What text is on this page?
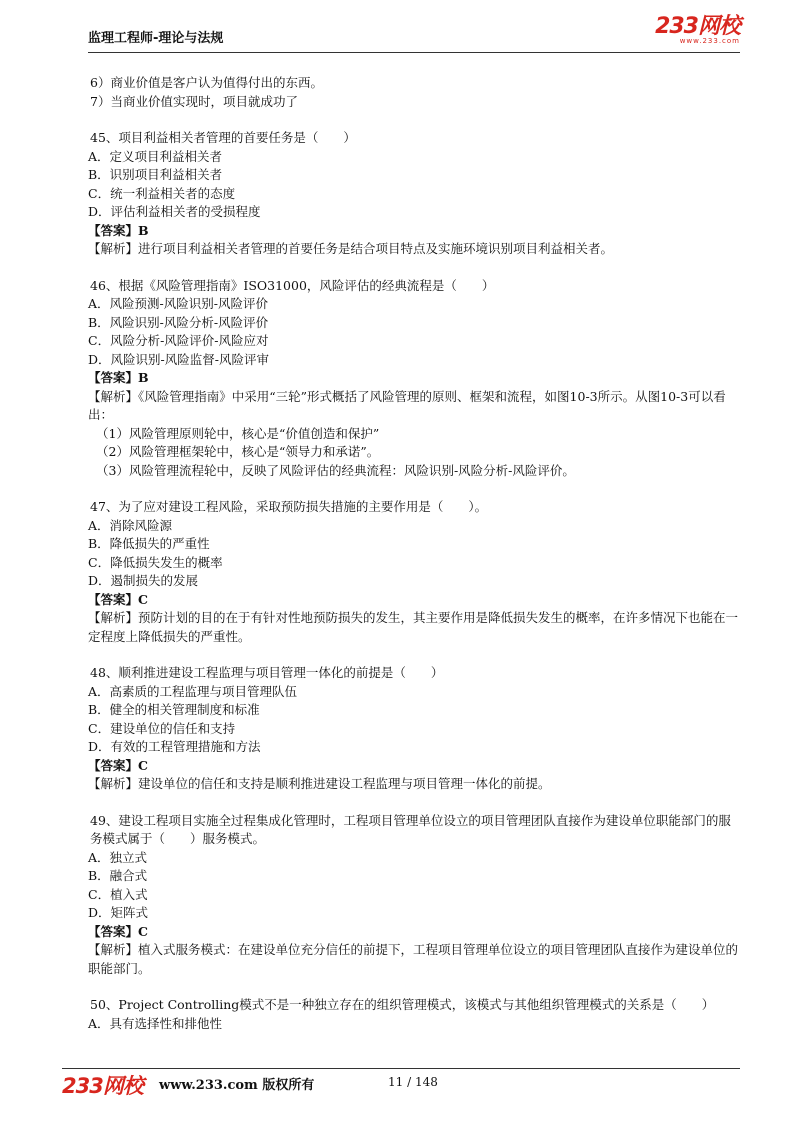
监理工程师-理论与法规	233网校
www.233.com
6）商业价值是客户认为值得付出的东西。
7）当商业价值实现时，项目就成功了
45、项目利益相关者管理的首要任务是（　　）
A．定义项目利益相关者
B．识别项目利益相关者
C．统一利益相关者的态度
D．评估利益相关者的受损程度
【答案】B
【解析】进行项目利益相关者管理的首要任务是结合项目特点及实施环境识别项目利益相关者。
46、根据《风险管理指南》ISO31000，风险评估的经典流程是（　　）
A．风险预测-风险识别-风险评价
B．风险识别-风险分析-风险评价
C．风险分析-风险评价-风险应对
D．风险识别-风险监督-风险评审
【答案】B
【解析】《风险管理指南》中采用“三轮”形式概括了风险管理的原则、框架和流程，如图10-3所示。从图10-3可以看出：
（1）风险管理原则轮中，核心是“价值创造和保护”
（2）风险管理框架轮中，核心是“领导力和承诺”。
（3）风险管理流程轮中，反映了风险评估的经典流程：风险识别-风险分析-风险评价。
47、为了应对建设工程风险，采取预防损失措施的主要作用是（　　）。
A．消除风险源
B．降低损失的严重性
C．降低损失发生的概率
D．遏制损失的发展
【答案】C
【解析】预防计划的目的在于有针对性地预防损失的发生，其主要作用是降低损失发生的概率，在许多情况下也能在一定程度上降低损失的严重性。
48、顺利推进建设工程监理与项目管理一体化的前提是（　　）
A．高素质的工程监理与项目管理队伍
B．健全的相关管理制度和标准
C．建设单位的信任和支持
D．有效的工程管理措施和方法
【答案】C
【解析】建设单位的信任和支持是顺利推进建设工程监理与项目管理一体化的前提。
49、建设工程项目实施全过程集成化管理时，工程项目管理单位设立的项目管理团队直接作为建设单位职能部门的服务模式属于（　　）服务模式。
A．独立式
B．融合式
C．植入式
D．矩阵式
【答案】C
【解析】植入式服务模式：在建设单位充分信任的前提下，工程项目管理单位设立的项目管理团队直接作为建设单位的职能部门。
50、Project Controlling模式不是一种独立存在的组织管理模式，该模式与其他组织管理模式的关系是（　　）
A．具有选择性和排他性
233网校 www.233.com 版权所有	11 / 148
